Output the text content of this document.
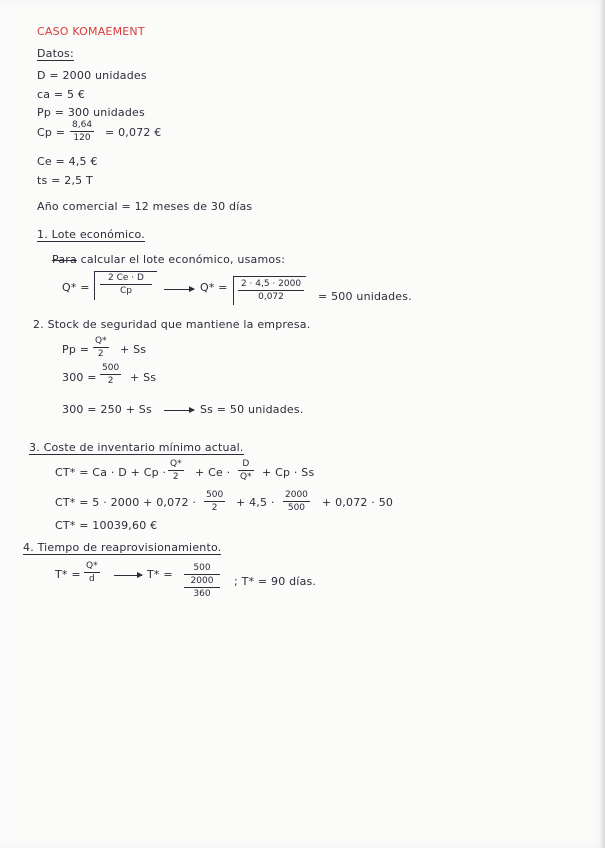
CASO KOMAEMENT
Datos:
D = 2000 unidades
ca = 5 €
Pp = 300 unidades
$Cp = \frac{8,64}{120} = 0,072$ €
Ce = 4,5 €
ts = 2,5 T
Año comercial = 12 meses de 30 días
1. Lote económico.
Para calcular el lote económico, usamos:
$Q* = \frac{2 Ce \cdot D}{Cp}$	$Q* = \frac{2 \cdot 4,5 \cdot 2000}{0,072} = 500$ unidades.
2. Stock de seguridad que mantiene la empresa.
$Pp = \frac{Q*}{2} + Ss$
$300 = \frac{500}{2} + Ss$
300 = 250 + Ss	Ss = 50 unidades.
3. Coste de inventario mínimo actual.
$CT* = Ca \cdot D + Cp \cdot \frac{Q*}{2} + Ce \cdot \frac{D}{Q*} + Cp \cdot Ss$
$CT* = 5 \cdot 2000 + 0,072 \cdot \frac{500}{2} + 4,5 \cdot \frac{2000}{500} + 0,072 \cdot 50$
CT* = 10039,60 €
4. Tiempo de reaprovisionamiento.
$T* = \frac{Q*}{d}$	T* =	500
2000
360
; T* = 90 días.
